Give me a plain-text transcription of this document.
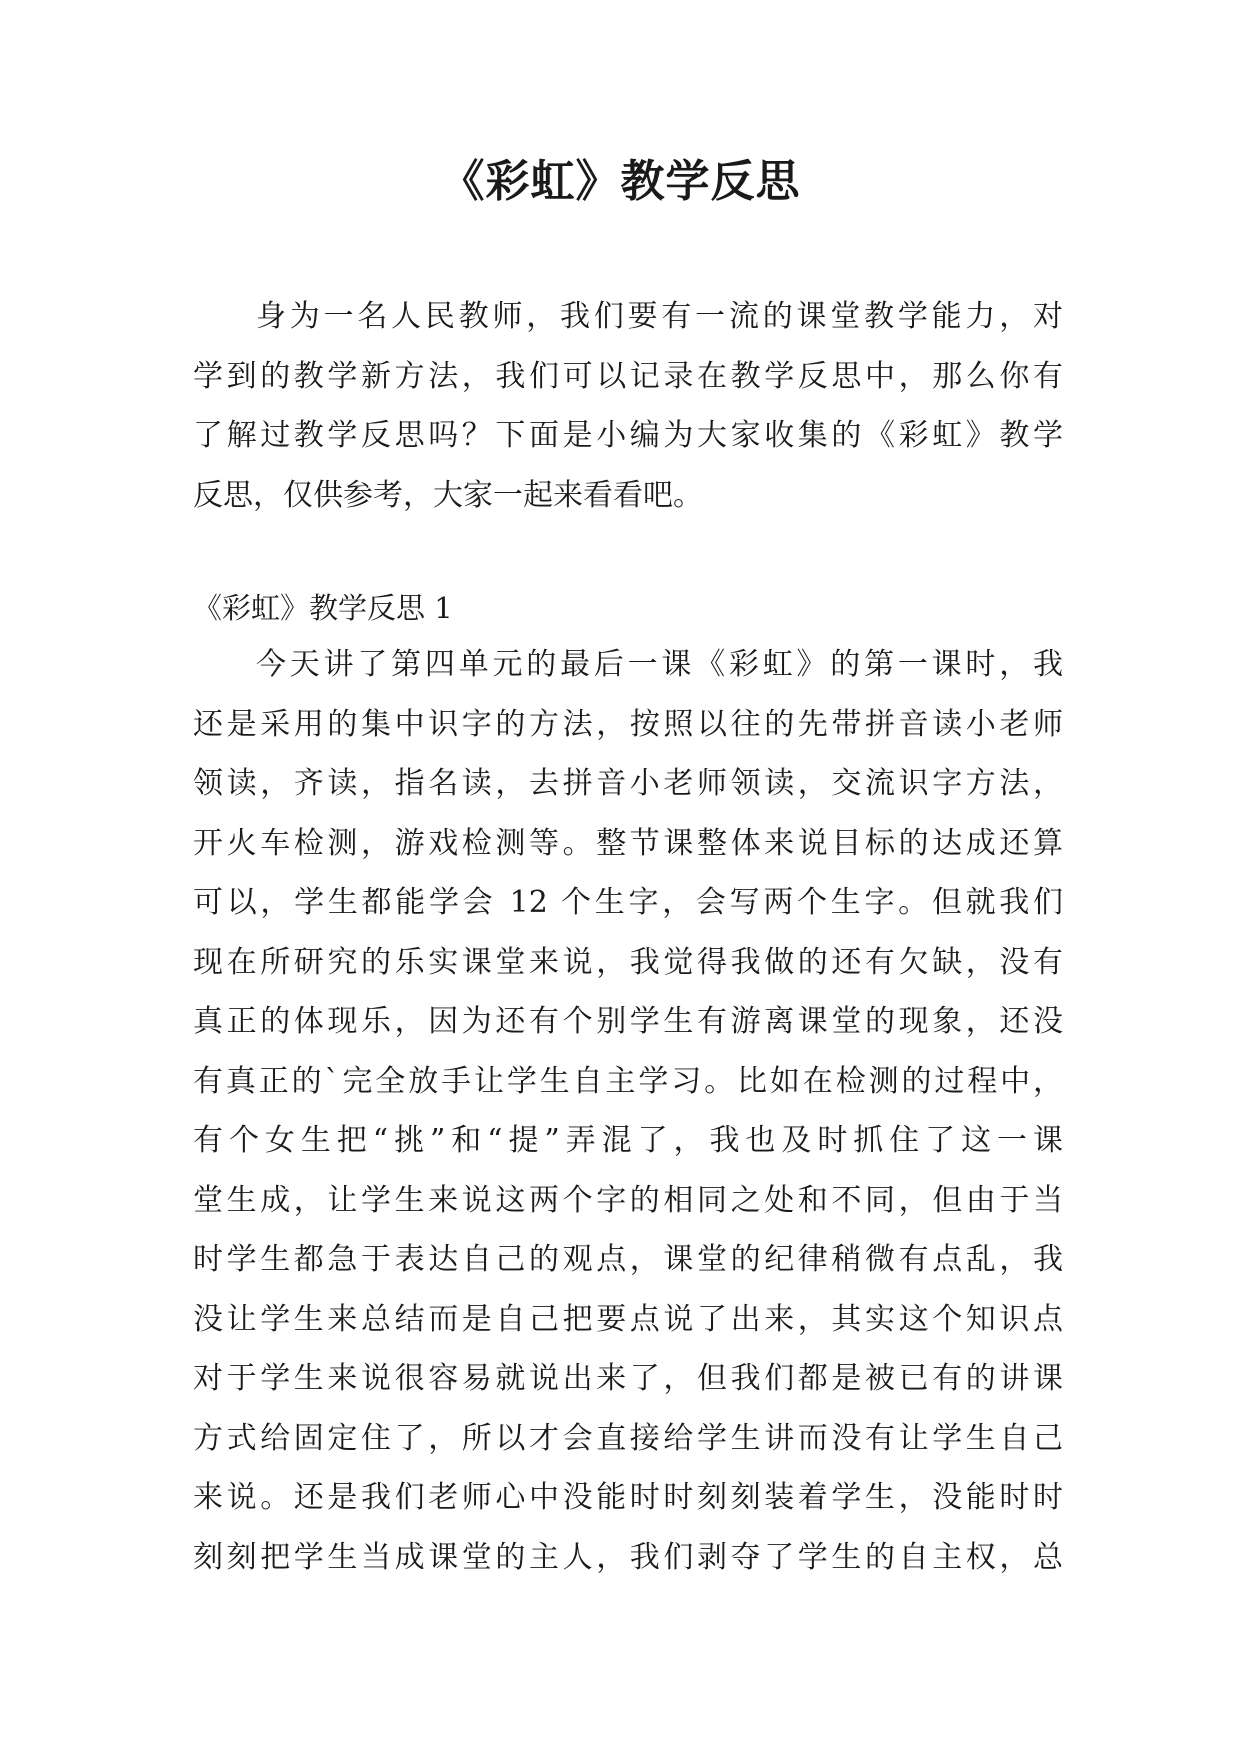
《彩虹》教学反思
身为一名人民教师，我们要有一流的课堂教学能力，对
学到的教学新方法，我们可以记录在教学反思中，那么你有
了解过教学反思吗？下面是小编为大家收集的《彩虹》教学
反思，仅供参考，大家一起来看看吧。
《彩虹》教学反思 1
今天讲了第四单元的最后一课《彩虹》的第一课时，我
还是采用的集中识字的方法，按照以往的先带拼音读小老师
领读，齐读，指名读，去拼音小老师领读，交流识字方法，
开火车检测，游戏检测等。整节课整体来说目标的达成还算
可以，学生都能学会 12 个生字，会写两个生字。但就我们
现在所研究的乐实课堂来说，我觉得我做的还有欠缺，没有
真正的体现乐，因为还有个别学生有游离课堂的现象，还没
有真正的`完全放手让学生自主学习。比如在检测的过程中，
有个女生把“挑”和“提”弄混了，我也及时抓住了这一课
堂生成，让学生来说这两个字的相同之处和不同，但由于当
时学生都急于表达自己的观点，课堂的纪律稍微有点乱，我
没让学生来总结而是自己把要点说了出来，其实这个知识点
对于学生来说很容易就说出来了，但我们都是被已有的讲课
方式给固定住了，所以才会直接给学生讲而没有让学生自己
来说。还是我们老师心中没能时时刻刻装着学生，没能时时
刻刻把学生当成课堂的主人，我们剥夺了学生的自主权，总
